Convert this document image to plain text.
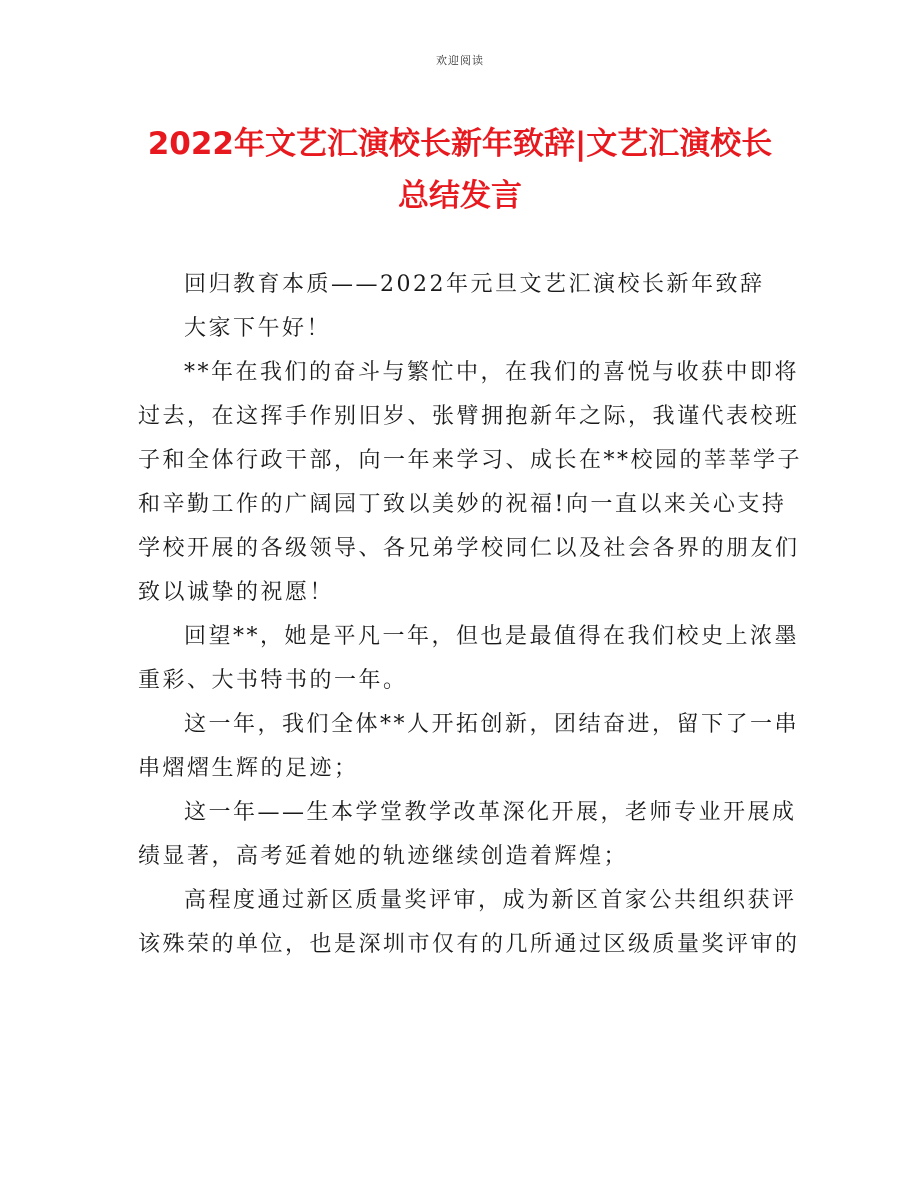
欢迎阅读
2022年文艺汇演校长新年致辞|文艺汇演校长
总结发言

回归教育本质——2022年元旦文艺汇演校长新年致辞

大家下午好！

**年在我们的奋斗与繁忙中，在我们的喜悦与收获中即将
过去，在这挥手作别旧岁、张臂拥抱新年之际，我谨代表校班
子和全体行政干部，向一年来学习、成长在**校园的莘莘学子
和辛勤工作的广阔园丁致以美妙的祝福!向一直以来关心支持
学校开展的各级领导、各兄弟学校同仁以及社会各界的朋友们
致以诚挚的祝愿！

回望**，她是平凡一年，但也是最值得在我们校史上浓墨
重彩、大书特书的一年。

这一年，我们全体**人开拓创新，团结奋进，留下了一串
串熠熠生辉的足迹；

这一年——生本学堂教学改革深化开展，老师专业开展成
绩显著，高考延着她的轨迹继续创造着辉煌；

高程度通过新区质量奖评审，成为新区首家公共组织获评
该殊荣的单位，也是深圳市仅有的几所通过区级质量奖评审的
